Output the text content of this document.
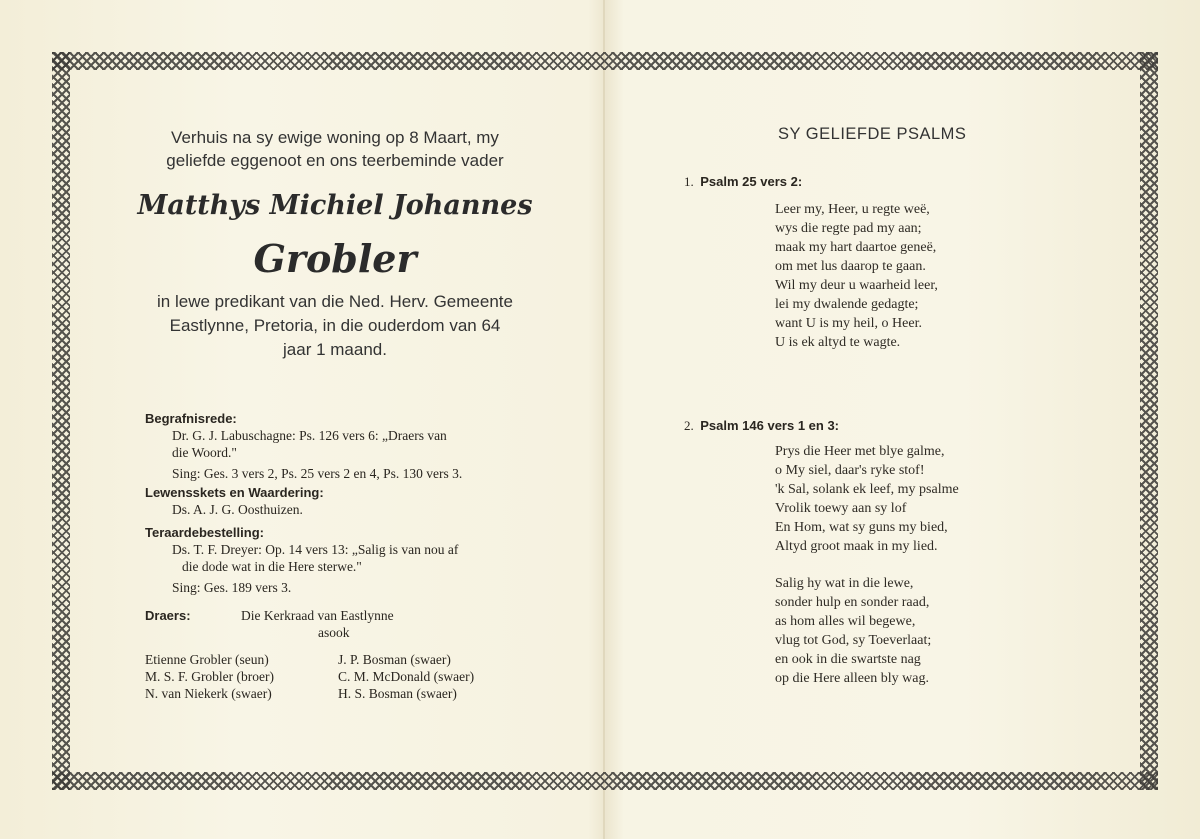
Verhuis na sy ewige woning op 8 Maart, my
geliefde eggenoot en ons teerbeminde vader
Matthys Michiel Johannes
Grobler
in lewe predikant van die Ned. Herv. Gemeente
Eastlynne, Pretoria, in die ouderdom van 64
jaar 1 maand.
Begrafnisrede:
Dr. G. J. Labuschagne: Ps. 126 vers 6: „Draers van
die Woord."
Sing: Ges. 3 vers 2, Ps. 25 vers 2 en 4, Ps. 130 vers 3.
Lewensskets en Waardering:
Ds. A. J. G. Oosthuizen.
Teraardebestelling:
Ds. T. F. Dreyer: Op. 14 vers 13: „Salig is van nou af
die dode wat in die Here sterwe."
Sing: Ges. 189 vers 3.
Draers:	Die Kerkraad van Eastlynne
asook
Etienne Grobler (seun)	J. P. Bosman (swaer)
M. S. F. Grobler (broer)	C. M. McDonald (swaer)
N. van Niekerk (swaer)	H. S. Bosman (swaer)
SY GELIEFDE PSALMS
1. Psalm 25 vers 2:
Leer my, Heer, u regte weë,
wys die regte pad my aan;
maak my hart daartoe geneë,
om met lus daarop te gaan.
Wil my deur u waarheid leer,
lei my dwalende gedagte;
want U is my heil, o Heer.
U is ek altyd te wagte.
2. Psalm 146 vers 1 en 3:
Prys die Heer met blye galme,
o My siel, daar's ryke stof!
'k Sal, solank ek leef, my psalme
Vrolik toewy aan sy lof
En Hom, wat sy guns my bied,
Altyd groot maak in my lied.
Salig hy wat in die lewe,
sonder hulp en sonder raad,
as hom alles wil begewe,
vlug tot God, sy Toeverlaat;
en ook in die swartste nag
op die Here alleen bly wag.
